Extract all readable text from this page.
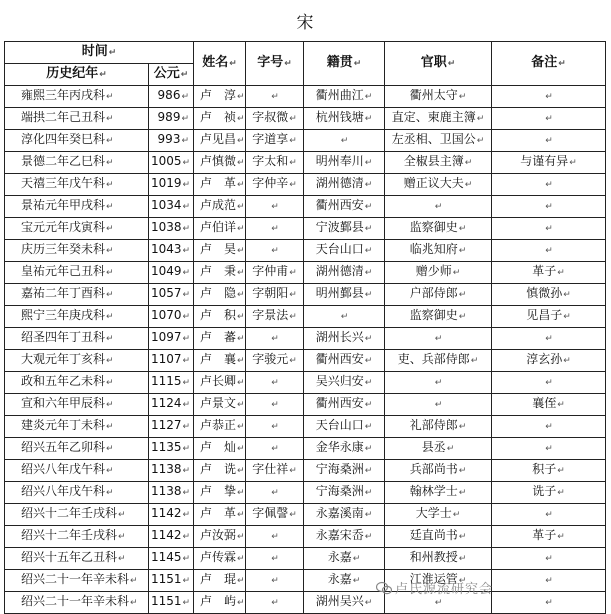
宋						
时间 ↵		姓名 ↵	字号 ↵	籍贯 ↵	官职 ↵	备注 ↵
历史纪年 ↵	公元 ↵
雍熙三年丙戌科 ↵	986 ↵	卢　淳 ↵	↵	衢州曲江 ↵	衢州太守 ↵	↵
端拱二年己丑科 ↵	989 ↵	卢　祯 ↵	字叔微 ↵	杭州钱塘 ↵	直定、柬鹿主簿 ↵	↵
淳化四年癸巳科 ↵	993 ↵	卢见昌 ↵	字道享 ↵	↵	左丞相、卫国公 ↵	↵
景德二年乙巳科 ↵	1005 ↵	卢慎微 ↵	字太和 ↵	明州奉川 ↵	全椒县主簿 ↵	与谨有异 ↵
天禧三年戊午科 ↵	1019 ↵	卢　革 ↵	字仲辛 ↵	湖州德清 ↵	赠正议大夫 ↵	↵
景祐元年甲戌科 ↵	1034 ↵	卢成范 ↵	↵	衢州西安 ↵	↵	↵
宝元元年戊寅科 ↵	1038 ↵	卢伯详 ↵	↵	宁波鄞县 ↵	监察御史 ↵	↵
庆历三年癸未科 ↵	1043 ↵	卢　昊 ↵	↵	天台山口 ↵	临兆知府 ↵	↵
皇祐元年己丑科 ↵	1049 ↵	卢　秉 ↵	字仲甫 ↵	湖州德清 ↵	赠少师 ↵	革子 ↵
嘉祐二年丁酉科 ↵	1057 ↵	卢　隐 ↵	字朝阳 ↵	明州鄞县 ↵	户部侍郎 ↵	慎微孙 ↵
熙宁三年庚戌科 ↵	1070 ↵	卢　积 ↵	字景法 ↵	↵	监察御史 ↵	见昌子 ↵
绍圣四年丁丑科 ↵	1097 ↵	卢　蕃 ↵	↵	湖州长兴 ↵	↵	↵
大观元年丁亥科 ↵	1107 ↵	卢　襄 ↵	字骏元 ↵	衢州西安 ↵	吏、兵部侍郎 ↵	淳玄孙 ↵
政和五年乙未科 ↵	1115 ↵	卢长卿 ↵	↵	吴兴归安 ↵	↵	↵
宣和六年甲辰科 ↵	1124 ↵	卢景文 ↵	↵	衢州西安 ↵	↵	襄侄 ↵
建炎元年丁未科 ↵	1127 ↵	卢恭正 ↵	↵	天台山口 ↵	礼部侍郎 ↵	↵
绍兴五年乙卯科 ↵	1135 ↵	卢　灿 ↵	↵	金华永康 ↵	县丞 ↵	↵
绍兴八年戊午科 ↵	1138 ↵	卢　诜 ↵	字仕祥 ↵	宁海桑洲 ↵	兵部尚书 ↵	积子 ↵
绍兴八年戊午科 ↵	1138 ↵	卢　挚 ↵	↵	宁海桑洲 ↵	翰林学士 ↵	诜子 ↵
绍兴十二年壬戌科 ↵	1142 ↵	卢　革 ↵	字佩謦 ↵	永嘉溪南 ↵	大学士 ↵	↵
绍兴十二年壬戌科 ↵	1142 ↵	卢汝弼 ↵	↵	永嘉宋岙 ↵	廷直尚书 ↵	革子 ↵
绍兴十五年乙丑科 ↵	1145 ↵	卢传霖 ↵	↵	永嘉 ↵	和州教授 ↵	↵
绍兴二十一年辛未科 ↵	1151 ↵	卢　琨 ↵	↵	永嘉 ↵	江淮运管 ↵	↵
绍兴二十一年辛未科 ↵	1151 ↵	卢　屿 ↵	↵	湖州吴兴 ↵	↵	↵
卢氏源流研究会
